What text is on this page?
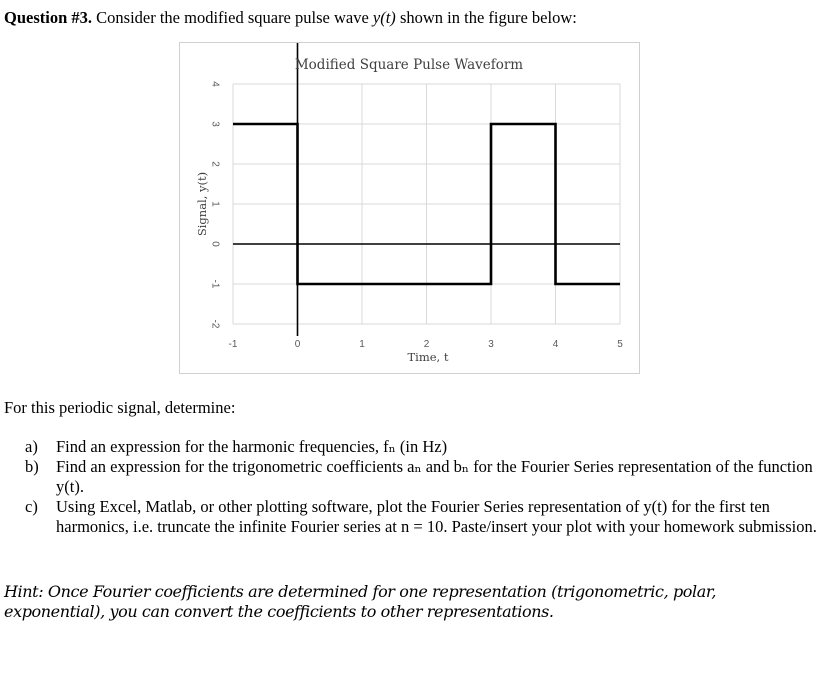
Question #3. Consider the modified square pulse wave y(t) shown in the figure below:
-1	0	1	2	3	4	5
-2
-1
0
1
2
3
4
Modified Square Pulse Waveform
Time, t
Signal, y(t)
For this periodic signal, determine:
a)	Find an expression for the harmonic frequencies, fₙ (in Hz)
b)	Find an expression for the trigonometric coefficients aₙ and bₙ for the Fourier Series representation of the function y(t).
c)	Using Excel, Matlab, or other plotting software, plot the Fourier Series representation of y(t) for the first ten harmonics, i.e. truncate the infinite Fourier series at n = 10. Paste/insert your plot with your homework submission.
Hint: Once Fourier coefficients are determined for one representation (trigonometric, polar, exponential), you can convert the coefficients to other representations.
